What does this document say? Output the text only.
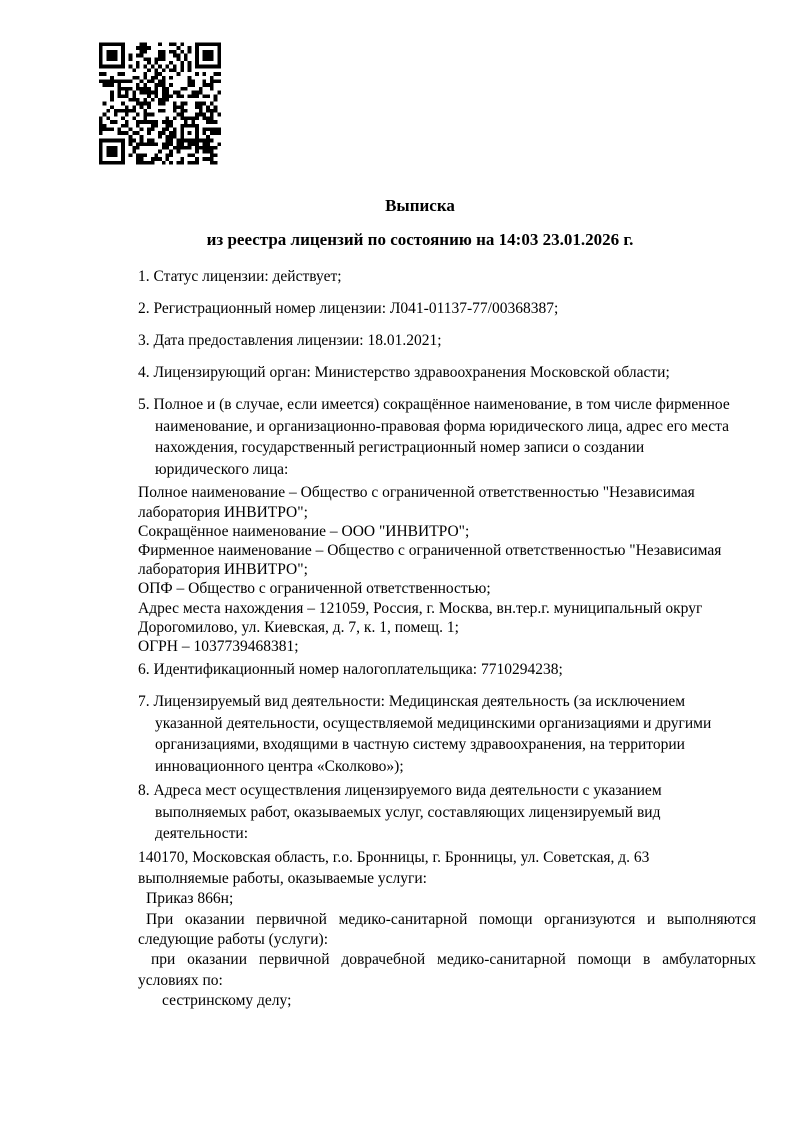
Выписка
из реестра лицензий по состоянию на 14:03 23.01.2026 г.
1. Статус лицензии: действует;
2. Регистрационный номер лицензии: Л041-01137-77/00368387;
3. Дата предоставления лицензии: 18.01.2021;
4. Лицензирующий орган: Министерство здравоохранения Московской области;
5. Полное и (в случае, если имеется) сокращённое наименование, в том числе фирменное
наименование, и организационно-правовая форма юридического лица, адрес его места
нахождения, государственный регистрационный номер записи о создании
юридического лица:
Полное наименование – Общество с ограниченной ответственностью "Независимая
лаборатория ИНВИТРО";
Сокращённое наименование – ООО "ИНВИТРО";
Фирменное наименование – Общество с ограниченной ответственностью "Независимая
лаборатория ИНВИТРО";
ОПФ – Общество с ограниченной ответственностью;
Адрес места нахождения – 121059, Россия, г. Москва, вн.тер.г. муниципальный округ
Дорогомилово, ул. Киевская, д. 7, к. 1, помещ. 1;
ОГРН – 1037739468381;
6. Идентификационный номер налогоплательщика: 7710294238;
7. Лицензируемый вид деятельности: Медицинская деятельность (за исключением
указанной деятельности, осуществляемой медицинскими организациями и другими
организациями, входящими в частную систему здравоохранения, на территории
инновационного центра «Сколково»);
8. Адреса мест осуществления лицензируемого вида деятельности с указанием
выполняемых работ, оказываемых услуг, составляющих лицензируемый вид
деятельности:
140170, Московская область, г.о. Бронницы, г. Бронницы, ул. Советская, д. 63
выполняемые работы, оказываемые услуги:
Приказ 866н;
При оказании первичной медико-санитарной помощи организуются и выполняются
следующие работы (услуги):
при оказании первичной доврачебной медико-санитарной помощи в амбулаторных
условиях по:
сестринскому делу;
